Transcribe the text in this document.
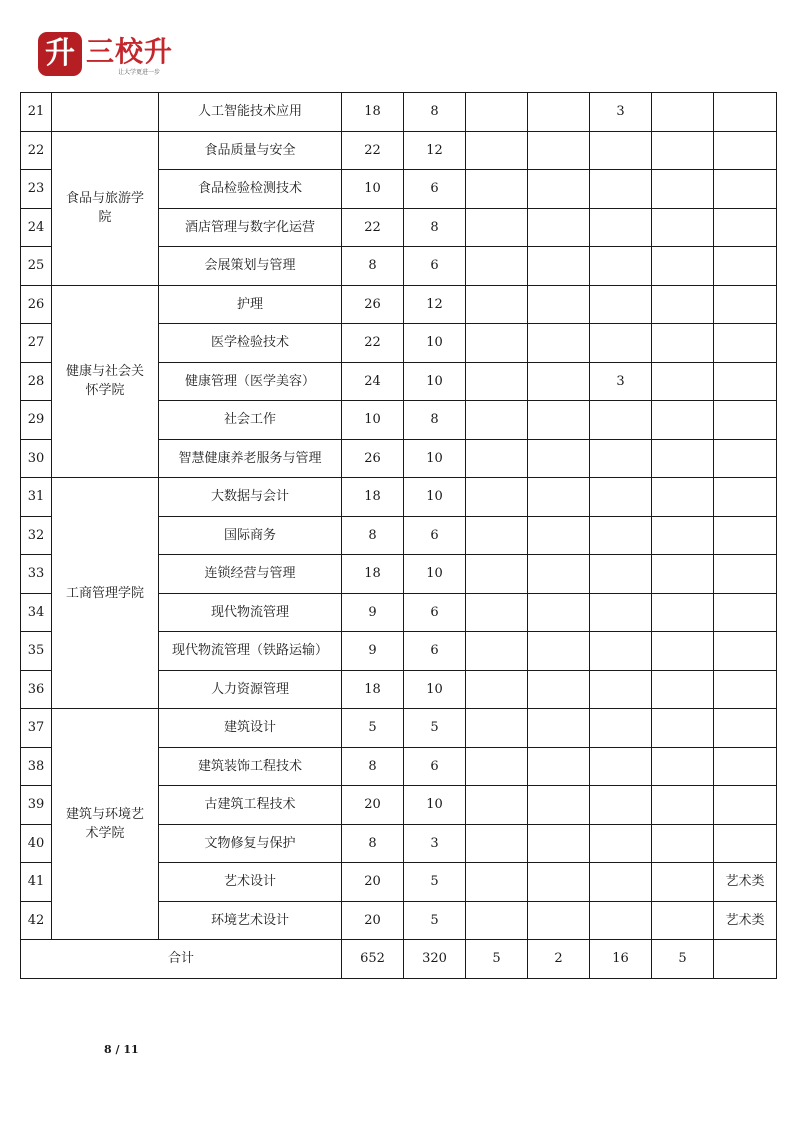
升 三校升
让大学更进一步
21		人工智能技术应用	18	8			3		
22	食品与旅游学院	食品质量与安全	22	12					
23		食品检验检测技术	10	6					
24		酒店管理与数字化运营	22	8					
25		会展策划与管理	8	6					
26	健康与社会关怀学院	护理	26	12					
27		医学检验技术	22	10					
28		健康管理（医学美容）	24	10			3		
29		社会工作	10	8					
30		智慧健康养老服务与管理	26	10					
31	工商管理学院	大数据与会计	18	10					
32		国际商务	8	6					
33		连锁经营与管理	18	10					
34		现代物流管理	9	6					
35		现代物流管理（铁路运输）	9	6					
36		人力资源管理	18	10					
37	建筑与环境艺术学院	建筑设计	5	5					
38		建筑装饰工程技术	8	6					
39		古建筑工程技术	20	10					
40		文物修复与保护	8	3					
41		艺术设计	20	5					艺术类
42		环境艺术设计	20	5					艺术类
合计			652	320	5	2	16	5	
8 / 11
